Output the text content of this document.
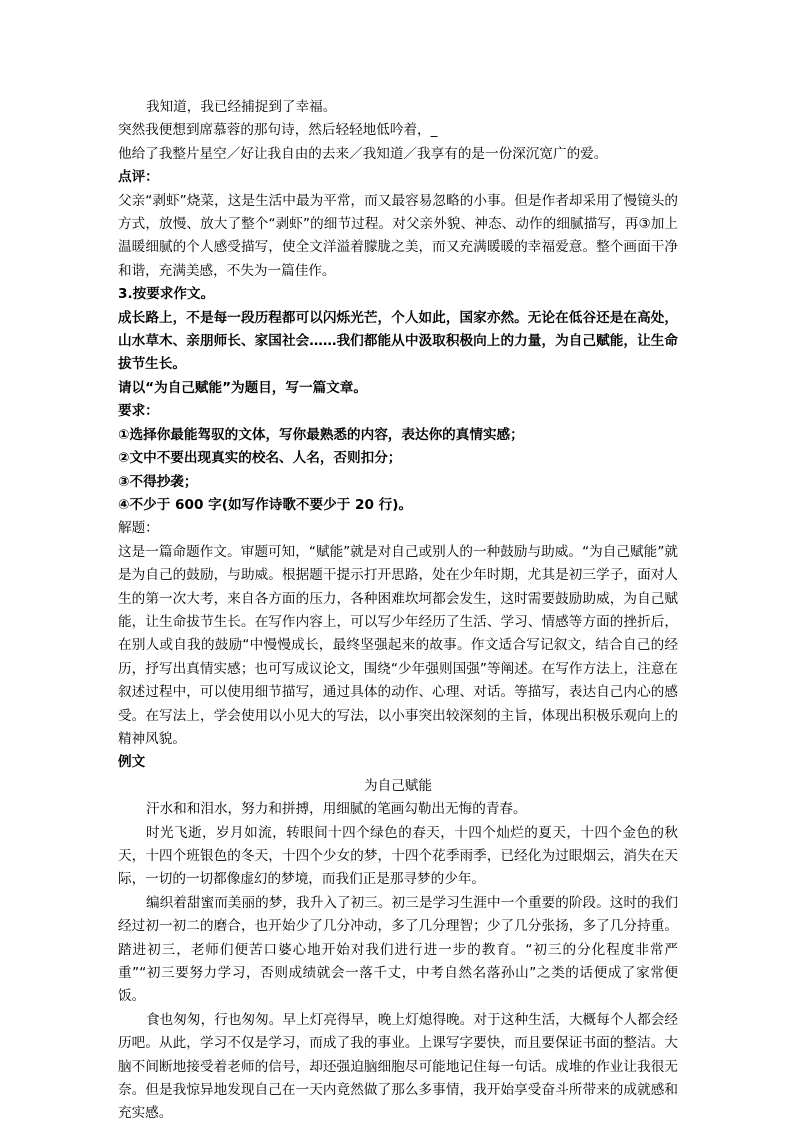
我知道，我已经捕捉到了幸福。
突然我便想到席慕蓉的那句诗，然后轻轻地低吟着，_
他给了我整片星空／好让我自由的去来／我知道／我享有的是一份深沉宽广的爱。
点评：
父亲“剥虾”烧菜，这是生活中最为平常，而又最容易忽略的小事。但是作者却采用了慢镜头的方式，放慢、放大了整个“剥虾”的细节过程。对父亲外貌、神态、动作的细腻描写，再③加上温暖细腻的个人感受描写，使全文洋溢着朦胧之美，而又充满暖暖的幸福爱意。整个画面干净和谐，充满美感，不失为一篇佳作。
3.按要求作文。
成长路上，不是每一段历程都可以闪烁光芒，个人如此，国家亦然。无论在低谷还是在高处，山水草木、亲朋师长、家国社会……我们都能从中汲取积极向上的力量，为自己赋能，让生命拔节生长。
请以“为自己赋能”为题目，写一篇文章。
要求：
①选择你最能驾驭的文体，写你最熟悉的内容，表达你的真情实感；
②文中不要出现真实的校名、人名，否则扣分；
③不得抄袭；
④不少于 600 字(如写作诗歌不要少于 20 行)。
解题：
这是一篇命题作文。审题可知，“赋能”就是对自己或别人的一种鼓励与助威。“为自己赋能”就是为自己的鼓励，与助威。根据题干提示打开思路，处在少年时期，尤其是初三学子，面对人生的第一次大考，来自各方面的压力，各种困难坎坷都会发生，这时需要鼓励助威，为自己赋能，让生命拔节生长。在写作内容上，可以写少年经历了生活、学习、情感等方面的挫折后，在别人或自我的鼓励“中慢慢成长，最终坚强起来的故事。作文适合写记叙文，结合自己的经历，抒写出真情实感；也可写成议论文，围绕“少年强则国强”等阐述。在写作方法上，注意在叙述过程中，可以使用细节描写，通过具体的动作、心理、对话。等描写，表达自己内心的感受。在写法上，学会使用以小见大的写法，以小事突出较深刻的主旨，体现出积极乐观向上的精神风貌。
例文
为自己赋能
汗水和和泪水，努力和拼搏，用细腻的笔画勾勒出无悔的青春。
时光飞逝，岁月如流，转眼间十四个绿色的春天，十四个灿烂的夏天，十四个金色的秋天，十四个班银色的冬天，十四个少女的梦，十四个花季雨季，已经化为过眼烟云，消失在天际，一切的一切都像虚幻的梦境，而我们正是那寻梦的少年。
编织着甜蜜而美丽的梦，我升入了初三。初三是学习生涯中一个重要的阶段。这时的我们经过初一初二的磨合，也开始少了几分冲动，多了几分理智；少了几分张扬，多了几分持重。踏进初三，老师们便苦口婆心地开始对我们进行进一步的教育。“初三的分化程度非常严重”“初三要努力学习，否则成绩就会一落千丈，中考自然名落孙山”之类的话便成了家常便饭。
食也匆匆，行也匆匆。早上灯亮得早，晚上灯熄得晚。对于这种生活，大概每个人都会经历吧。从此，学习不仅是学习，而成了我的事业。上课写字要快，而且要保证书面的整洁。大脑不间断地接受着老师的信号，却还强迫脑细胞尽可能地记住每一句话。成堆的作业让我很无奈。但是我惊异地发现自己在一天内竟然做了那么多事情，我开始享受奋斗所带来的成就感和充实感。
